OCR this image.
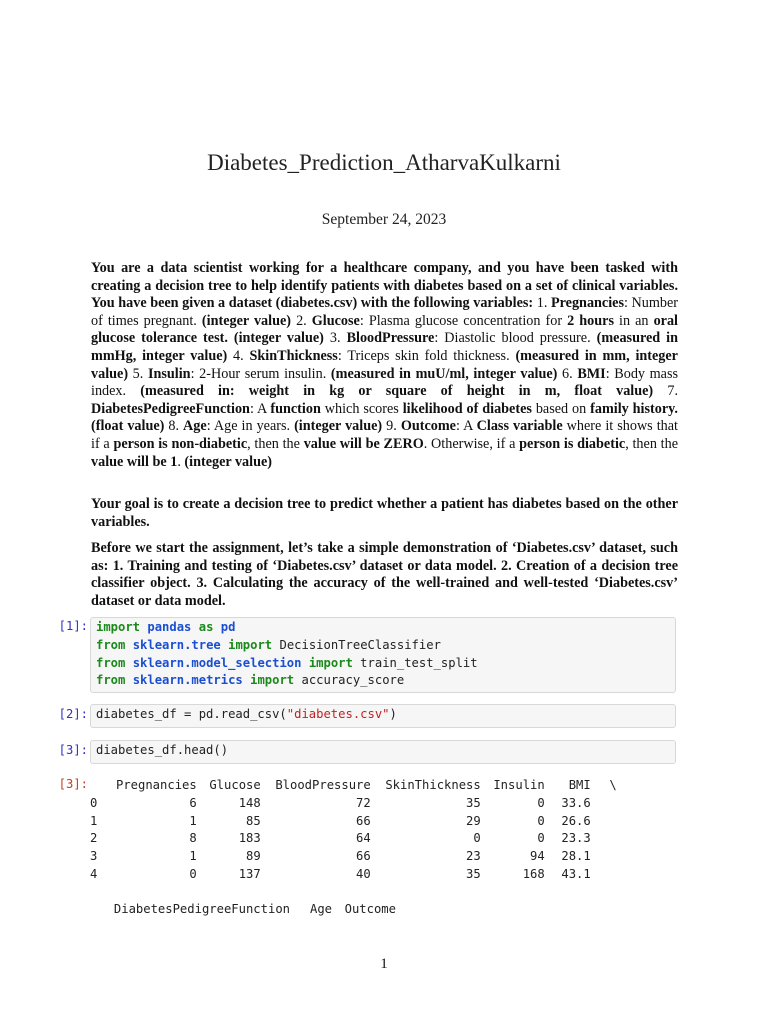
Diabetes_Prediction_AtharvaKulkarni
September 24, 2023
You are a data scientist working for a healthcare company, and you have been tasked with creating a decision tree to help identify patients with diabetes based on a set of clinical variables. You have been given a dataset (diabetes.csv) with the following variables: 1. Pregnancies: Number of times pregnant. (integer value) 2. Glucose: Plasma glucose concentration for 2 hours in an oral glucose tolerance test. (integer value) 3. BloodPressure: Diastolic blood pressure. (measured in mmHg, integer value) 4. SkinThickness: Triceps skin fold thickness. (measured in mm, integer value) 5. Insulin: 2-Hour serum insulin. (measured in muU/ml, integer value) 6. BMI: Body mass index. (measured in: weight in kg or square of height in m, float value) 7. DiabetesPedigreeFunction: A function which scores likelihood of diabetes based on family history. (float value) 8. Age: Age in years. (integer value) 9. Outcome: A Class variable where it shows that if a person is non-diabetic, then the value will be ZERO. Otherwise, if a person is diabetic, then the value will be 1. (integer value)
Your goal is to create a decision tree to predict whether a patient has diabetes based on the other variables.
Before we start the assignment, let’s take a simple demonstration of ‘Diabetes.csv’ dataset, such as: 1. Training and testing of ‘Diabetes.csv’ dataset or data model. 2. Creation of a decision tree classifier object. 3. Calculating the accuracy of the well-trained and well-tested ‘Diabetes.csv’ dataset or data model.
[1]: import pandas as pd
from sklearn.tree import DecisionTreeClassifier
from sklearn.model_selection import train_test_split
from sklearn.metrics import accuracy_score
[2]: diabetes_df = pd.read_csv("diabetes.csv")
[3]: diabetes_df.head()
[3]:
	Pregnancies	Glucose	BloodPressure	SkinThickness	Insulin	BMI	\
0	6	148	72	35	0	33.6	
1	1	85	66	29	0	26.6	
2	8	183	64	0	0	23.3	
3	1	89	66	23	94	28.1	
4	0	137	40	35	168	43.1	
DiabetesPedigreeFunction	Age	Outcome
1
